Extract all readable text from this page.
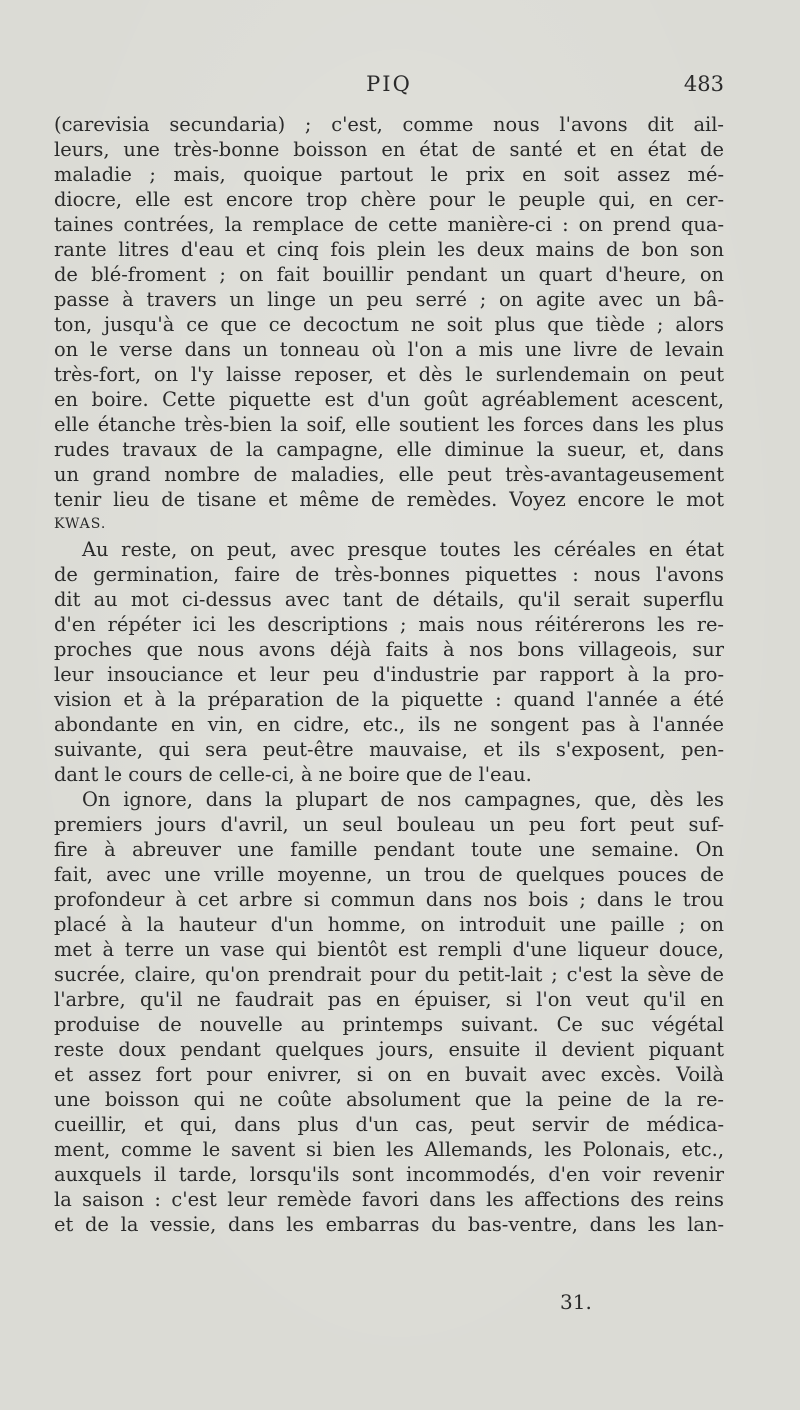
PIQ	483
(carevisia secundaria) ; c'est, comme nous l'avons dit ail-
leurs, une très-bonne boisson en état de santé et en état de
maladie ; mais, quoique partout le prix en soit assez mé-
diocre, elle est encore trop chère pour le peuple qui, en cer-
taines contrées, la remplace de cette manière-ci : on prend qua-
rante litres d'eau et cinq fois plein les deux mains de bon son
de blé-froment ; on fait bouillir pendant un quart d'heure, on
passe à travers un linge un peu serré ; on agite avec un bâ-
ton, jusqu'à ce que ce decoctum ne soit plus que tiède ; alors
on le verse dans un tonneau où l'on a mis une livre de levain
très-fort, on l'y laisse reposer, et dès le surlendemain on peut
en boire. Cette piquette est d'un goût agréablement acescent,
elle étanche très-bien la soif, elle soutient les forces dans les plus
rudes travaux de la campagne, elle diminue la sueur, et, dans
un grand nombre de maladies, elle peut très-avantageusement
tenir lieu de tisane et même de remèdes. Voyez encore le mot
KWAS.
Au reste, on peut, avec presque toutes les céréales en état
de germination, faire de très-bonnes piquettes : nous l'avons
dit au mot ci-dessus avec tant de détails, qu'il serait superflu
d'en répéter ici les descriptions ; mais nous réitérerons les re-
proches que nous avons déjà faits à nos bons villageois, sur
leur insouciance et leur peu d'industrie par rapport à la pro-
vision et à la préparation de la piquette : quand l'année a été
abondante en vin, en cidre, etc., ils ne songent pas à l'année
suivante, qui sera peut-être mauvaise, et ils s'exposent, pen-
dant le cours de celle-ci, à ne boire que de l'eau.
On ignore, dans la plupart de nos campagnes, que, dès les
premiers jours d'avril, un seul bouleau un peu fort peut suf-
fire à abreuver une famille pendant toute une semaine. On
fait, avec une vrille moyenne, un trou de quelques pouces de
profondeur à cet arbre si commun dans nos bois ; dans le trou
placé à la hauteur d'un homme, on introduit une paille ; on
met à terre un vase qui bientôt est rempli d'une liqueur douce,
sucrée, claire, qu'on prendrait pour du petit-lait ; c'est la sève de
l'arbre, qu'il ne faudrait pas en épuiser, si l'on veut qu'il en
produise de nouvelle au printemps suivant. Ce suc végétal
reste doux pendant quelques jours, ensuite il devient piquant
et assez fort pour enivrer, si on en buvait avec excès. Voilà
une boisson qui ne coûte absolument que la peine de la re-
cueillir, et qui, dans plus d'un cas, peut servir de médica-
ment, comme le savent si bien les Allemands, les Polonais, etc.,
auxquels il tarde, lorsqu'ils sont incommodés, d'en voir revenir
la saison : c'est leur remède favori dans les affections des reins
et de la vessie, dans les embarras du bas-ventre, dans les lan-
31.
